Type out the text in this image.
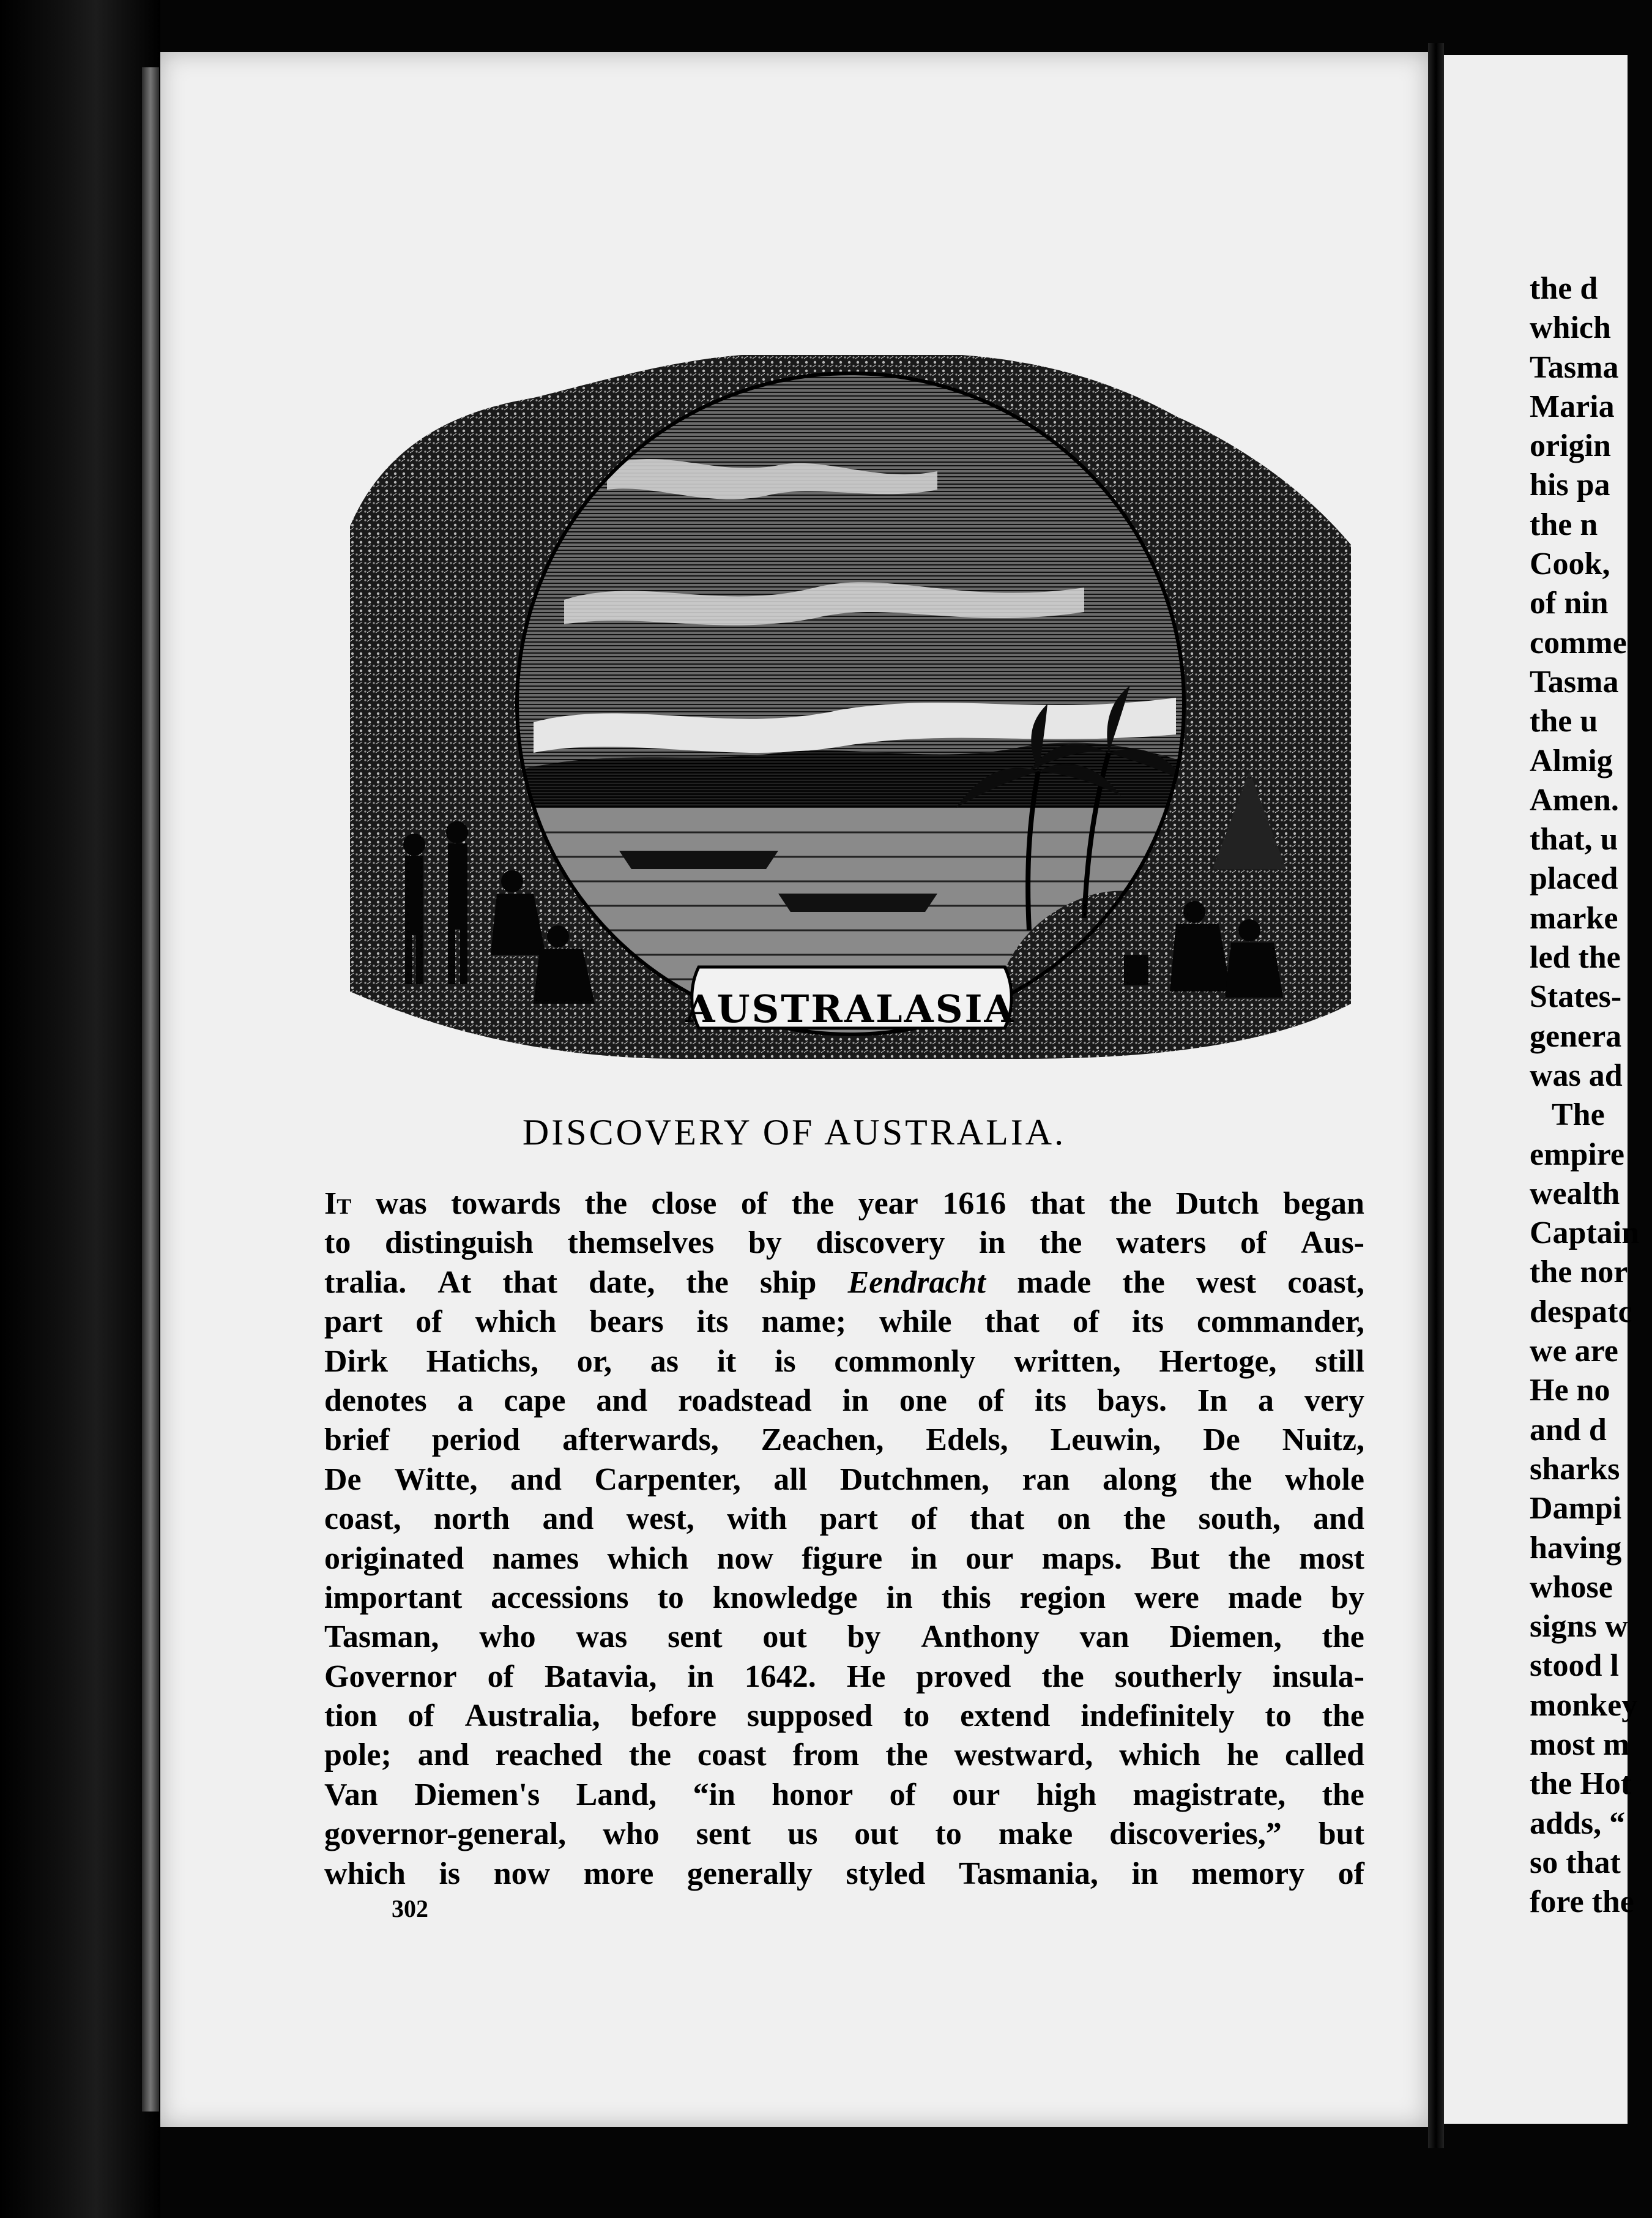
AUSTRALASIA
DISCOVERY OF AUSTRALIA.
It was towards the close of the year 1616 that the Dutch began
to distinguish themselves by discovery in the waters of Aus-
tralia. At that date, the ship Eendracht made the west coast,
part of which bears its name; while that of its commander,
Dirk Hatichs, or, as it is commonly written, Hertoge, still
denotes a cape and roadstead in one of its bays. In a very
brief period afterwards, Zeachen, Edels, Leuwin, De Nuitz,
De Witte, and Carpenter, all Dutchmen, ran along the whole
coast, north and west, with part of that on the south, and
originated names which now figure in our maps. But the most
important accessions to knowledge in this region were made by
Tasman, who was sent out by Anthony van Diemen, the
Governor of Batavia, in 1642. He proved the southerly insula-
tion of Australia, before supposed to extend indefinitely to the
pole; and reached the coast from the westward, which he called
Van Diemen's Land, “in honor of our high magistrate, the
governor-general, who sent us out to make discoveries,” but
which is now more generally styled Tasmania, in memory of
302
the d
which
Tasma
Maria
origin
his pa
the n
Cook,
of nin
comme
Tasma
the u
Almig
Amen.
that, u
placed
marke
led the
States-
genera
was ad
The
empire
wealth
Captain
the nor
despatc
we are
He no
and d
sharks
Dampi
having
whose
signs w
stood l
monkey
most m
the Hot
adds, “
so that
fore the
